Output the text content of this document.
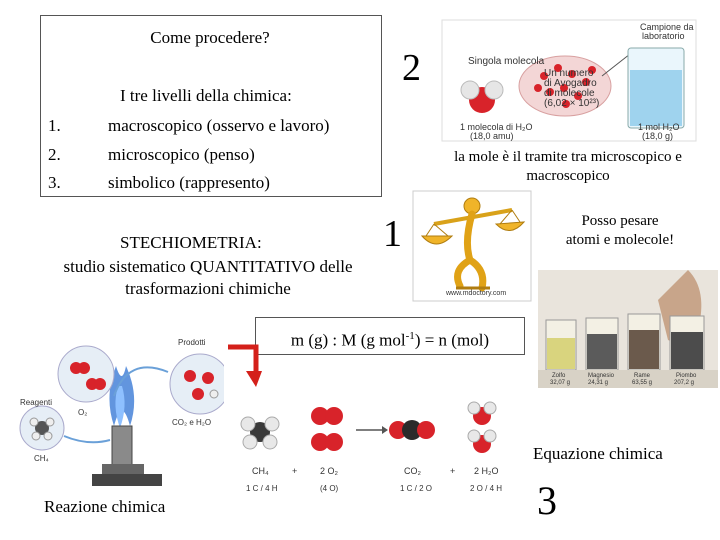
Come procedere?
I tre livelli della chimica:
1.	macroscopico (osservo e lavoro)
2.	microscopico (penso)
3.	simbolico (rappresento)
2
1
3
Singola molecola
1 molecola di H₂O
(18,0 amu)
Un numero
di Avogadro
di molecole
(6,02 × 10²³)
Campione da
laboratorio
1 mol H₂O
(18,0 g)
la mole è il tramite tra microscopico e
macroscopico
www.mdoctory.com
Posso pesare
atomi e molecole!
STECHIOMETRIA:
studio sistematico QUANTITATIVO delle
trasformazioni chimiche
Zolfo	Magnesio	Rame	Piombo
32,07 g	24,31 g	63,55 g	207,2 g
m (g) : M (g mol$^{-1}$) = n (mol)
Prodotti
Reagenti
O₂
CH₄
CO₂ e H₂O
CH₄	+	2 O₂	CO₂	+ 2 H₂O
1 C / 4 H	(4 O)	1 C / 2 O	2 O / 4 H
Reazione chimica
Equazione chimica
